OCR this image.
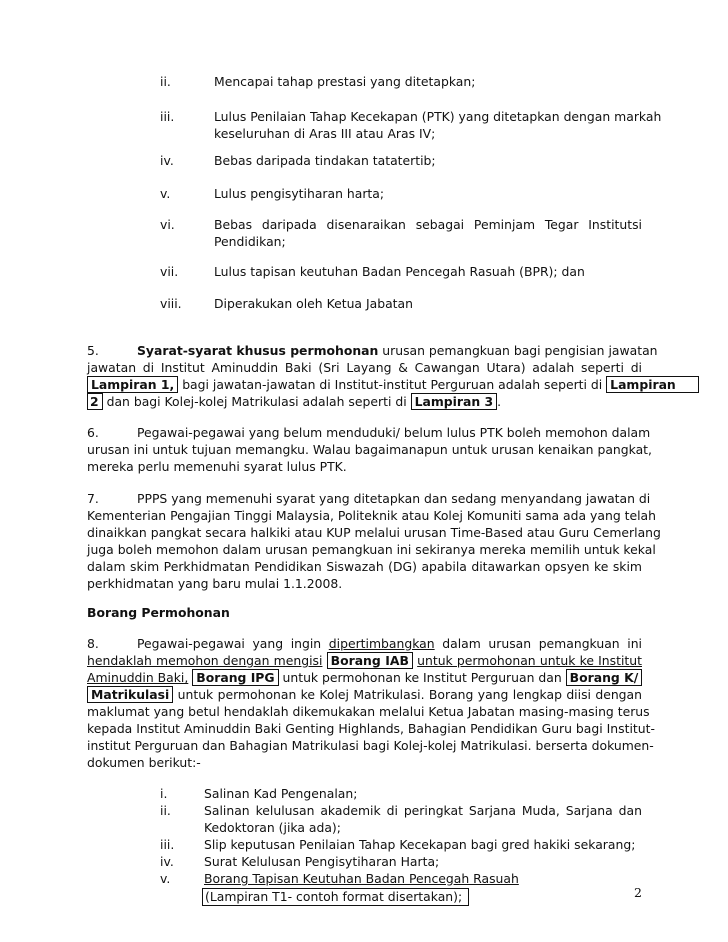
ii.	Mencapai tahap prestasi yang ditetapkan;
iii.	Lulus Penilaian Tahap Kecekapan (PTK) yang ditetapkan dengan markah
keseluruhan di Aras III atau Aras IV;
iv.	Bebas daripada tindakan tatatertib;
v.	Lulus pengisytiharan harta;
vi.	Bebas daripada disenaraikan sebagai Peminjam Tegar Institutsi
Pendidikan;
vii.	Lulus tapisan keutuhan Badan Pencegah Rasuah (BPR); dan
viii.	Diperakukan oleh Ketua Jabatan
5.	Syarat-syarat khusus permohonan urusan pemangkuan bagi pengisian jawatan
jawatan di Institut Aminuddin Baki (Sri Layang & Cawangan Utara) adalah seperti di
Lampiran 1, bagi jawatan-jawatan di Institut-institut Perguruan adalah seperti di Lampiran
2 dan bagi Kolej-kolej Matrikulasi adalah seperti di Lampiran 3 .
6.	Pegawai-pegawai yang belum menduduki/ belum lulus PTK boleh memohon dalam
urusan ini untuk tujuan memangku. Walau bagaimanapun untuk urusan kenaikan pangkat,
mereka perlu memenuhi syarat lulus PTK.
7.	PPPS yang memenuhi syarat yang ditetapkan dan sedang menyandang jawatan di
Kementerian Pengajian Tinggi Malaysia, Politeknik atau Kolej Komuniti sama ada yang telah
dinaikkan pangkat secara halkiki atau KUP melalui urusan Time-Based atau Guru Cemerlang
juga boleh memohon dalam urusan pemangkuan ini sekiranya mereka memilih untuk kekal
dalam skim Perkhidmatan Pendidikan Siswazah (DG) apabila ditawarkan opsyen ke skim
perkhidmatan yang baru mulai 1.1.2008.
Borang Permohonan
8.	Pegawai-pegawai yang ingin dipertimbangkan dalam urusan pemangkuan ini
hendaklah memohon dengan mengisi Borang IAB untuk permohonan untuk ke Institut
Aminuddin Baki, Borang IPG untuk permohonan ke Institut Perguruan dan Borang K/
Matrikulasi untuk permohonan ke Kolej Matrikulasi. Borang yang lengkap diisi dengan
maklumat yang betul hendaklah dikemukakan melalui Ketua Jabatan masing-masing terus
kepada Institut Aminuddin Baki Genting Highlands, Bahagian Pendidikan Guru bagi Institut-
institut Perguruan dan Bahagian Matrikulasi bagi Kolej-kolej Matrikulasi. berserta dokumen-
dokumen berikut:-
i.	Salinan Kad Pengenalan;
ii.	Salinan kelulusan akademik di peringkat Sarjana Muda, Sarjana dan
Kedoktoran (jika ada);
iii. Slip keputusan Penilaian Tahap Kecekapan bagi gred hakiki sekarang;
iv. Surat Kelulusan Pengisytiharan Harta;
v.	Borang Tapisan Keutuhan Badan Pencegah Rasuah
(Lampiran T1- contoh format disertakan);	2
